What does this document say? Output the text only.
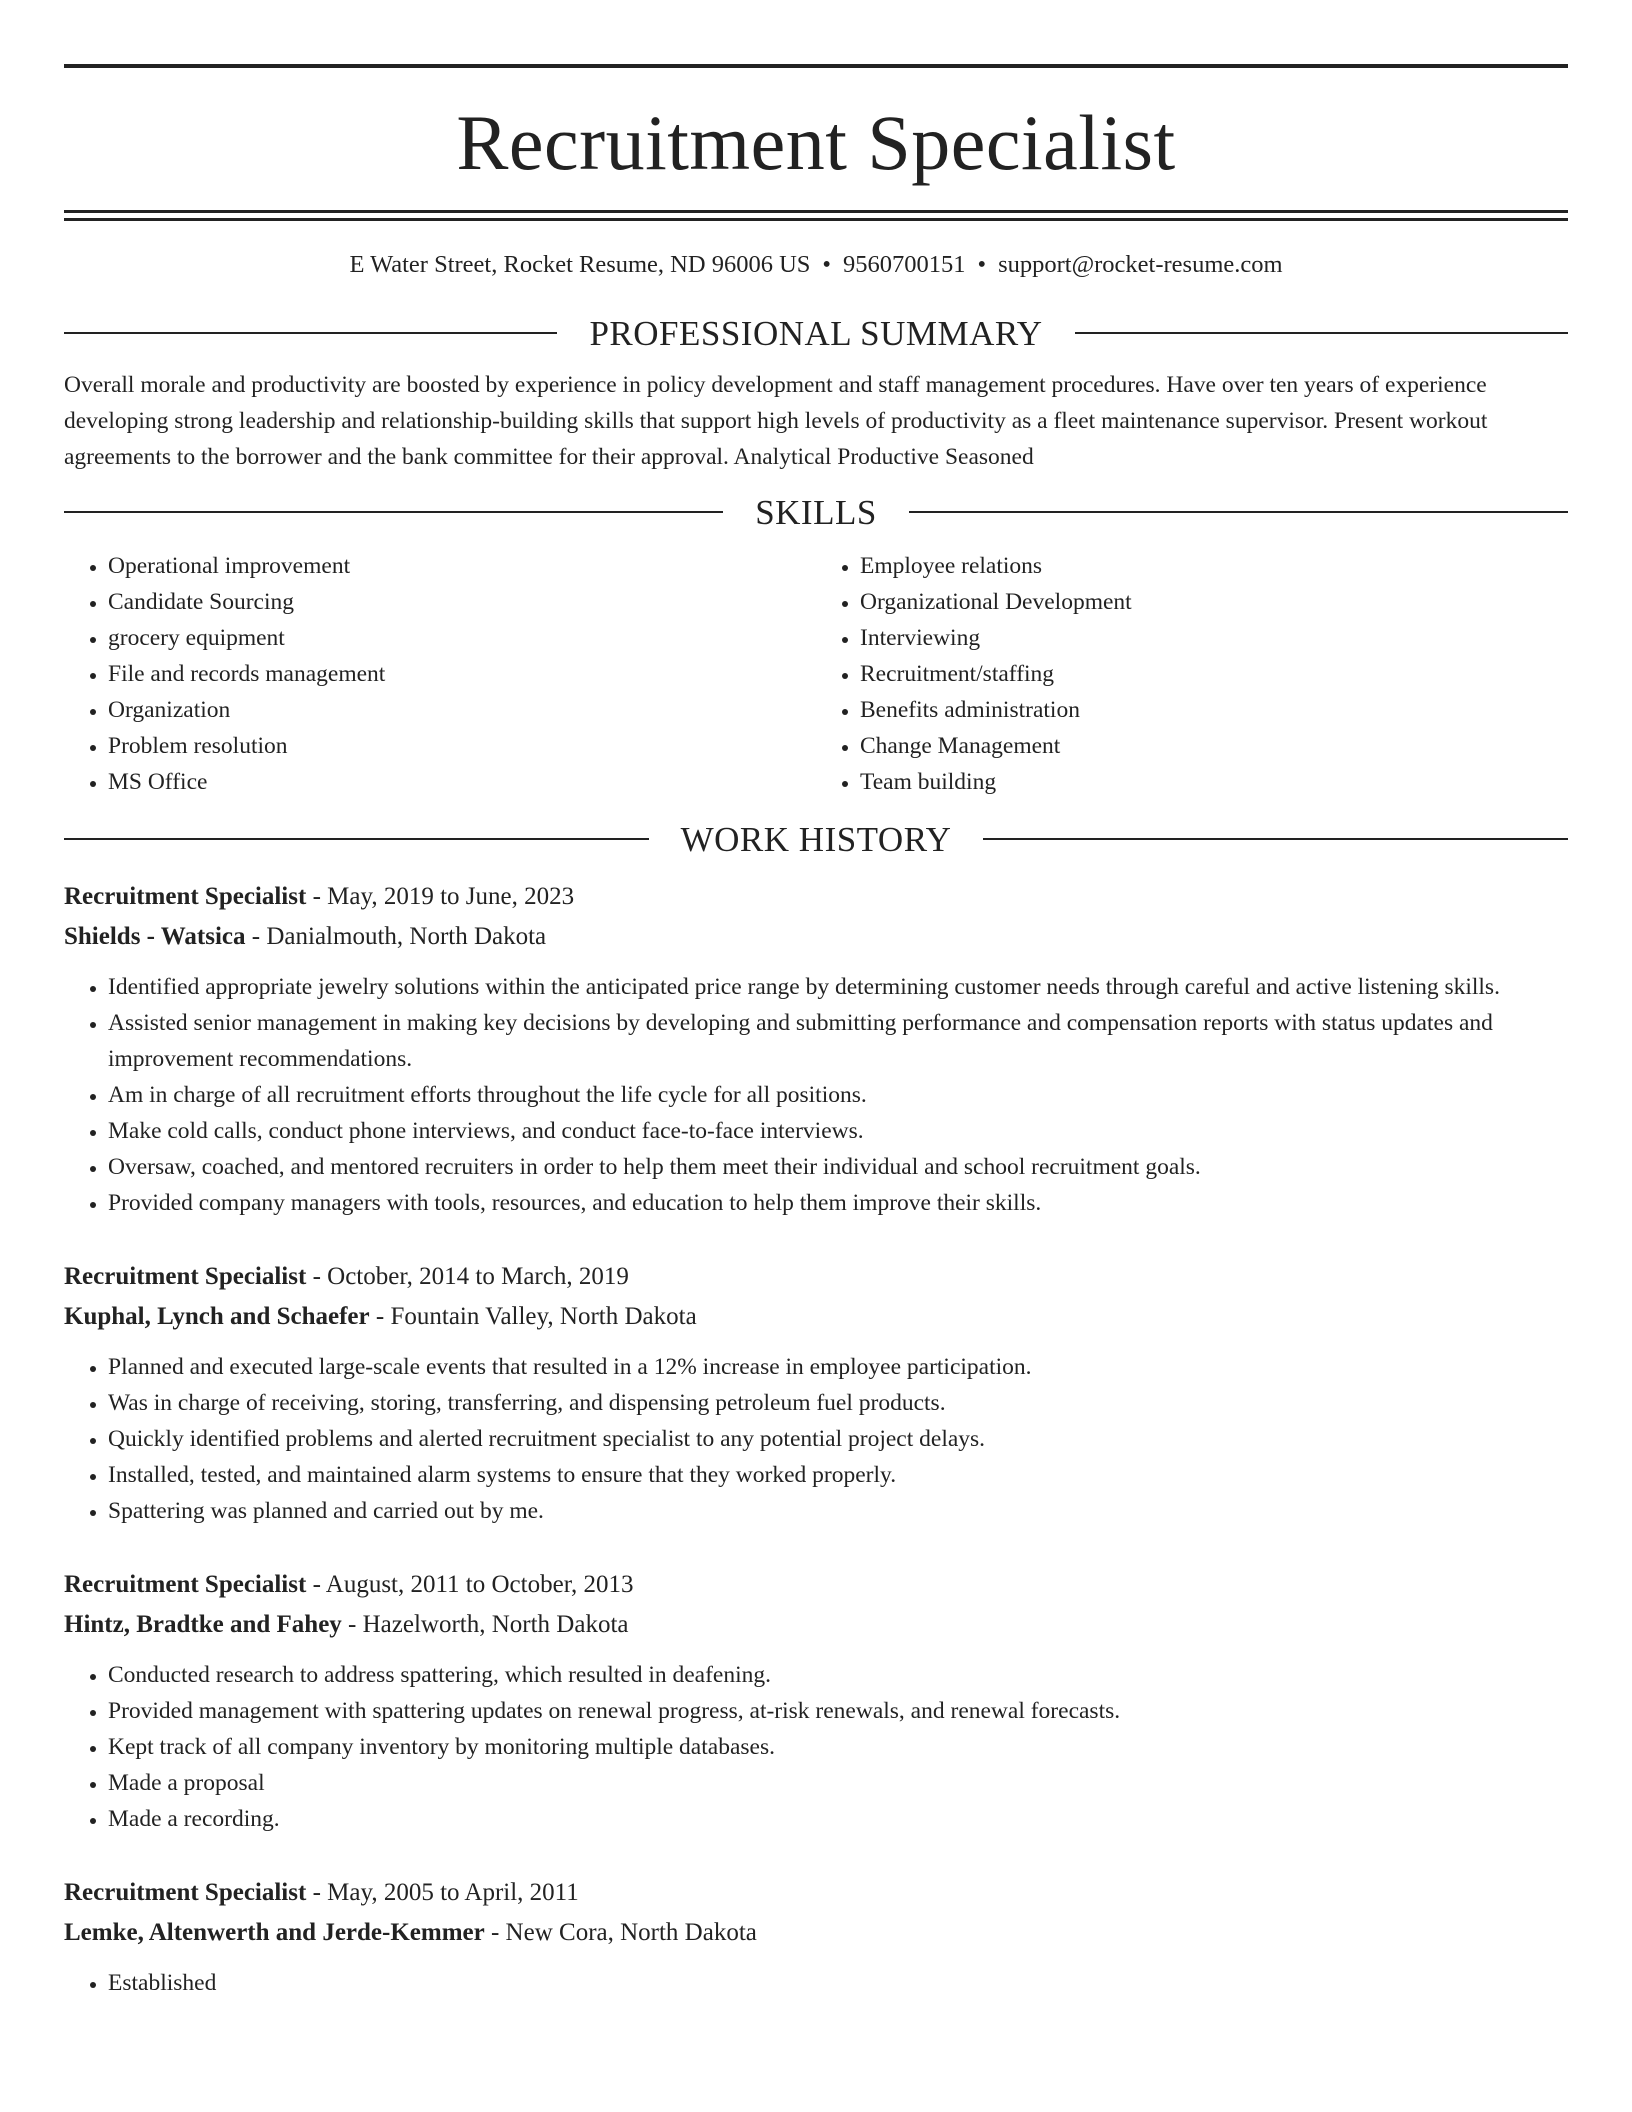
Recruitment Specialist
E Water Street, Rocket Resume, ND 96006 US • 9560700151 • support@rocket-resume.com
PROFESSIONAL SUMMARY
Overall morale and productivity are boosted by experience in policy development and staff management procedures. Have over ten years of experience developing strong leadership and relationship-building skills that support high levels of productivity as a fleet maintenance supervisor. Present workout agreements to the borrower and the bank committee for their approval. Analytical Productive Seasoned
SKILLS
• Operational improvement
• Candidate Sourcing
• grocery equipment
• File and records management
• Organization
• Problem resolution
• MS Office
• Employee relations
• Organizational Development
• Interviewing
• Recruitment/staffing
• Benefits administration
• Change Management
• Team building
WORK HISTORY
Recruitment Specialist - May, 2019 to June, 2023
Shields - Watsica - Danialmouth, North Dakota
• Identified appropriate jewelry solutions within the anticipated price range by determining customer needs through careful and active listening skills.
• Assisted senior management in making key decisions by developing and submitting performance and compensation reports with status updates and improvement recommendations.
• Am in charge of all recruitment efforts throughout the life cycle for all positions.
• Make cold calls, conduct phone interviews, and conduct face-to-face interviews.
• Oversaw, coached, and mentored recruiters in order to help them meet their individual and school recruitment goals.
• Provided company managers with tools, resources, and education to help them improve their skills.
Recruitment Specialist - October, 2014 to March, 2019
Kuphal, Lynch and Schaefer - Fountain Valley, North Dakota
• Planned and executed large-scale events that resulted in a 12% increase in employee participation.
• Was in charge of receiving, storing, transferring, and dispensing petroleum fuel products.
• Quickly identified problems and alerted recruitment specialist to any potential project delays.
• Installed, tested, and maintained alarm systems to ensure that they worked properly.
• Spattering was planned and carried out by me.
Recruitment Specialist - August, 2011 to October, 2013
Hintz, Bradtke and Fahey - Hazelworth, North Dakota
• Conducted research to address spattering, which resulted in deafening.
• Provided management with spattering updates on renewal progress, at-risk renewals, and renewal forecasts.
• Kept track of all company inventory by monitoring multiple databases.
• Made a proposal
• Made a recording.
Recruitment Specialist - May, 2005 to April, 2011
Lemke, Altenwerth and Jerde-Kemmer - New Cora, North Dakota
• Established
